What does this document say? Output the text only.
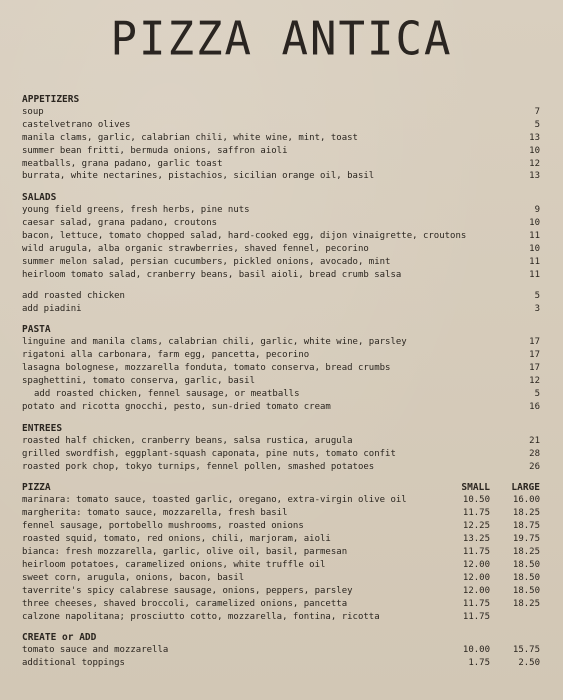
PIZZA ANTICA
APPETIZERS
soup	7
castelvetrano olives	5
manila clams, garlic, calabrian chili, white wine, mint, toast	13
summer bean fritti, bermuda onions, saffron aioli	10
meatballs, grana padano, garlic toast	12
burrata, white nectarines, pistachios, sicilian orange oil, basil	13
SALADS
young field greens, fresh herbs, pine nuts	9
caesar salad, grana padano, croutons	10
bacon, lettuce, tomato chopped salad, hard-cooked egg, dijon vinaigrette, croutons	11
wild arugula, alba organic strawberries, shaved fennel, pecorino	10
summer melon salad, persian cucumbers, pickled onions, avocado, mint	11
heirloom tomato salad, cranberry beans, basil aioli, bread crumb salsa	11
add roasted chicken	5
add piadini	3
PASTA
linguine and manila clams, calabrian chili, garlic, white wine, parsley	17
rigatoni alla carbonara, farm egg, pancetta, pecorino	17
lasagna bolognese, mozzarella fonduta, tomato conserva, bread crumbs	17
spaghettini, tomato conserva, garlic, basil	12
add roasted chicken, fennel sausage, or meatballs	5
potato and ricotta gnocchi, pesto, sun-dried tomato cream	16
ENTREES
roasted half chicken, cranberry beans, salsa rustica, arugula	21
grilled swordfish, eggplant-squash caponata, pine nuts, tomato confit	28
roasted pork chop, tokyo turnips, fennel pollen, smashed potatoes	26
PIZZA	SMALL	LARGE
marinara: tomato sauce, toasted garlic, oregano, extra-virgin olive oil	10.50	16.00
margherita: tomato sauce, mozzarella, fresh basil	11.75	18.25
fennel sausage, portobello mushrooms, roasted onions	12.25	18.75
roasted squid, tomato, red onions, chili, marjoram, aioli	13.25	19.75
bianca: fresh mozzarella, garlic, olive oil, basil, parmesan	11.75	18.25
heirloom potatoes, caramelized onions, white truffle oil	12.00	18.50
sweet corn, arugula, onions, bacon, basil	12.00	18.50
taverrite's spicy calabrese sausage, onions, peppers, parsley	12.00	18.50
three cheeses, shaved broccoli, caramelized onions, pancetta	11.75	18.25
calzone napolitana; prosciutto cotto, mozzarella, fontina, ricotta	11.75
CREATE or ADD
tomato sauce and mozzarella	10.00	15.75
additional toppings	1.75	2.50
